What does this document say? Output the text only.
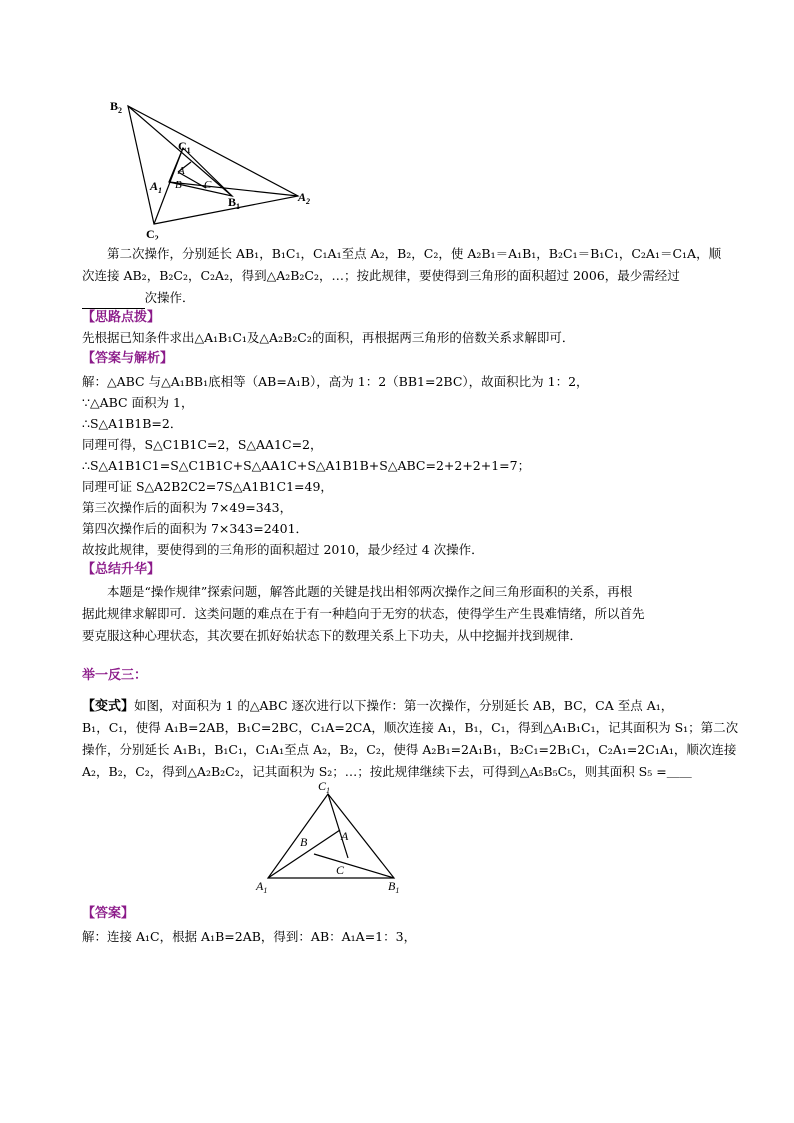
$B_2$
$C_1$
A
C
B
$A_1$
$B_1$
$A_2$
$C_2$
　　第二次操作，分别延长 AB₁，B₁C₁，C₁A₁至点 A₂，B₂，C₂，使 A₂B₁＝A₁B₁，B₂C₁＝B₁C₁，C₂A₁＝C₁A，顺
次连接 AB₂，B₂C₂，C₂A₂，得到△A₂B₂C₂，…；按此规律，要使得到三角形的面积超过 2006，最少需经过
　　　　　次操作．
【思路点拨】
先根据已知条件求出△A₁B₁C₁及△A₂B₂C₂的面积，再根据两三角形的倍数关系求解即可．
【答案与解析】
解：△ABC 与△A₁BB₁底相等（AB=A₁B），高为 1：2（BB1=2BC），故面积比为 1：2，
∵△ABC 面积为 1，
∴S△A1B1B=2．
同理可得，S△C1B1C=2，S△AA1C=2，
∴S△A1B1C1=S△C1B1C+S△AA1C+S△A1B1B+S△ABC=2+2+2+1=7；
同理可证 S△A2B2C2=7S△A1B1C1=49，
第三次操作后的面积为 7×49=343，
第四次操作后的面积为 7×343=2401．
故按此规律，要使得到的三角形的面积超过 2010，最少经过 4 次操作．
【总结升华】
　　本题是“操作规律”探索问题，解答此题的关键是找出相邻两次操作之间三角形面积的关系，再根
据此规律求解即可．这类问题的难点在于有一种趋向于无穷的状态，使得学生产生畏难情绪，所以首先
要克服这种心理状态，其次要在抓好始状态下的数理关系上下功夫，从中挖掘并找到规律．
举一反三：
【变式】如图，对面积为 1 的△ABC 逐次进行以下操作：第一次操作，分别延长 AB，BC，CA 至点 A₁，
B₁，C₁，使得 A₁B=2AB，B₁C=2BC，C₁A=2CA，顺次连接 A₁，B₁，C₁，得到△A₁B₁C₁，记其面积为 S₁；第二次
操作，分别延长 A₁B₁，B₁C₁，C₁A₁至点 A₂，B₂，C₂，使得 A₂B₁=2A₁B₁，B₂C₁=2B₁C₁，C₂A₁=2C₁A₁，顺次连接
A₂，B₂，C₂，得到△A₂B₂C₂，记其面积为 S₂；…；按此规律继续下去，可得到△A₅B₅C₅，则其面积 S₅ =＿＿
$C_1$
A
B
C
$A_1$	$B_1$
【答案】
解：连接 A₁C，根据 A₁B=2AB，得到：AB：A₁A=1：3，
